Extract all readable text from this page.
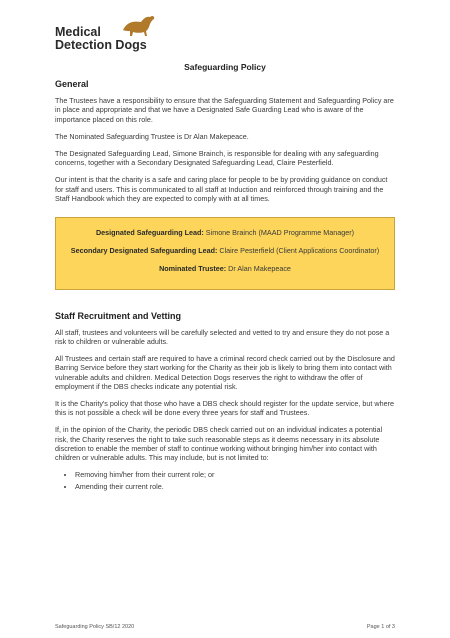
Medical
Detection Dogs
Safeguarding Policy
General

The Trustees have a responsibility to ensure that the Safeguarding Statement and Safeguarding Policy are in place and appropriate and that we have a Designated Safe Guarding Lead who is aware of the importance placed on this role.

The Nominated Safeguarding Trustee is Dr Alan Makepeace.

The Designated Safeguarding Lead, Simone Brainch, is responsible for dealing with any safeguarding concerns, together with a Secondary Designated Safeguarding Lead, Claire Pesterfield.

Our intent is that the charity is a safe and caring place for people to be by providing guidance on conduct for staff and users. This is communicated to all staff at Induction and reinforced through training and the Staff Handbook which they are expected to comply with at all times.

Designated Safeguarding Lead: Simone Brainch (MAAD Programme Manager)

Secondary Designated Safeguarding Lead: Claire Pesterfield (Client Applications Coordinator)

Nominated Trustee: Dr Alan Makepeace

Staff Recruitment and Vetting

All staff, trustees and volunteers will be carefully selected and vetted to try and ensure they do not pose a risk to children or vulnerable adults.

All Trustees and certain staff are required to have a criminal record check carried out by the Disclosure and Barring Service before they start working for the Charity as their job is likely to bring them into contact with vulnerable adults and children. Medical Detection Dogs reserves the right to withdraw the offer of employment if the DBS checks indicate any potential risk.

It is the Charity's policy that those who have a DBS check should register for the update service, but where this is not possible a check will be done every three years for staff and Trustees.

If, in the opinion of the Charity, the periodic DBS check carried out on an individual indicates a potential risk, the Charity reserves the right to take such reasonable steps as it deems necessary in its absolute discretion to enable the member of staff to continue working without bringing him/her into contact with children or vulnerable adults. This may include, but is not limited to:

• Removing him/her from their current role; or
• Amending their current role.
Safeguarding Policy SB/12 2020	Page 1 of 3
